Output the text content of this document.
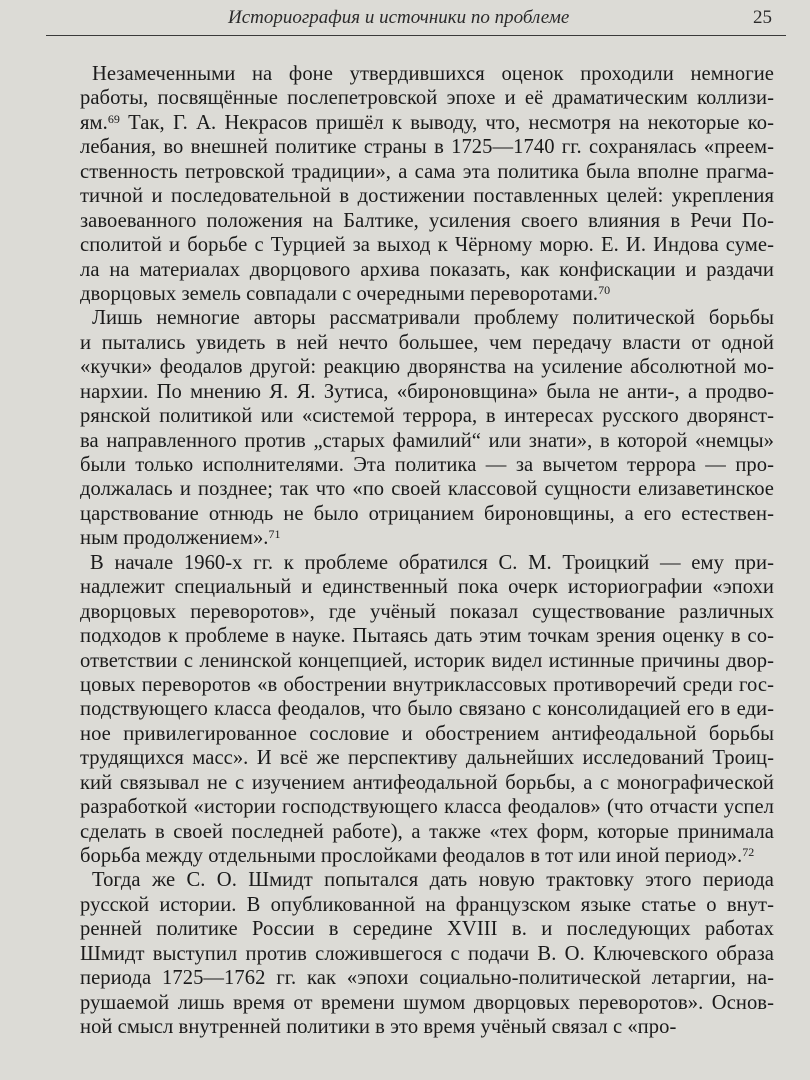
Историография и источники по проблеме	25
Незамеченными на фоне утвердившихся оценок проходили немногие
работы, посвящённые послепетровской эпохе и её драматическим коллизи-
ям.$^{69}$ Так, Г. А. Некрасов пришёл к выводу, что, несмотря на некоторые ко-
лебания, во внешней политике страны в 1725—1740 гг. сохранялась «преем-
ственность петровской традиции», а сама эта политика была вполне прагма-
тичной и последовательной в достижении поставленных целей: укрепления
завоеванного положения на Балтике, усиления своего влияния в Речи По-
сполитой и борьбе с Турцией за выход к Чёрному морю. Е. И. Индова суме-
ла на материалах дворцового архива показать, как конфискации и раздачи
дворцовых земель совпадали с очередными переворотами.$^{70}$
Лишь немногие авторы рассматривали проблему политической борьбы
и пытались увидеть в ней нечто большее, чем передачу власти от одной
«кучки» феодалов другой: реакцию дворянства на усиление абсолютной мо-
нархии. По мнению Я. Я. Зутиса, «бироновщина» была не анти-, а продво-
рянской политикой или «системой террора, в интересах русского дворянст-
ва направленного против „старых фамилий“ или знати», в которой «немцы»
были только исполнителями. Эта политика — за вычетом террора — про-
должалась и позднее; так что «по своей классовой сущности елизаветинское
царствование отнюдь не было отрицанием бироновщины, а его естествен-
ным продолжением».$^{71}$
В начале 1960-х гг. к проблеме обратился С. М. Троицкий — ему при-
надлежит специальный и единственный пока очерк историографии «эпохи
дворцовых переворотов», где учёный показал существование различных
подходов к проблеме в науке. Пытаясь дать этим точкам зрения оценку в со-
ответствии с ленинской концепцией, историк видел истинные причины двор-
цовых переворотов «в обострении внутриклассовых противоречий среди гос-
подствующего класса феодалов, что было связано с консолидацией его в еди-
ное привилегированное сословие и обострением антифеодальной борьбы
трудящихся масс». И всё же перспективу дальнейших исследований Троиц-
кий связывал не с изучением антифеодальной борьбы, а с монографической
разработкой «истории господствующего класса феодалов» (что отчасти успел
сделать в своей последней работе), а также «тех форм, которые принимала
борьба между отдельными прослойками феодалов в тот или иной период».$^{72}$
Тогда же С. О. Шмидт попытался дать новую трактовку этого периода
русской истории. В опубликованной на французском языке статье о внут-
ренней политике России в середине XVIII в. и последующих работах
Шмидт выступил против сложившегося с подачи В. О. Ключевского образа
периода 1725—1762 гг. как «эпохи социально-политической летаргии, на-
рушаемой лишь время от времени шумом дворцовых переворотов». Основ-
ной смысл внутренней политики в это время учёный связал с «про-
